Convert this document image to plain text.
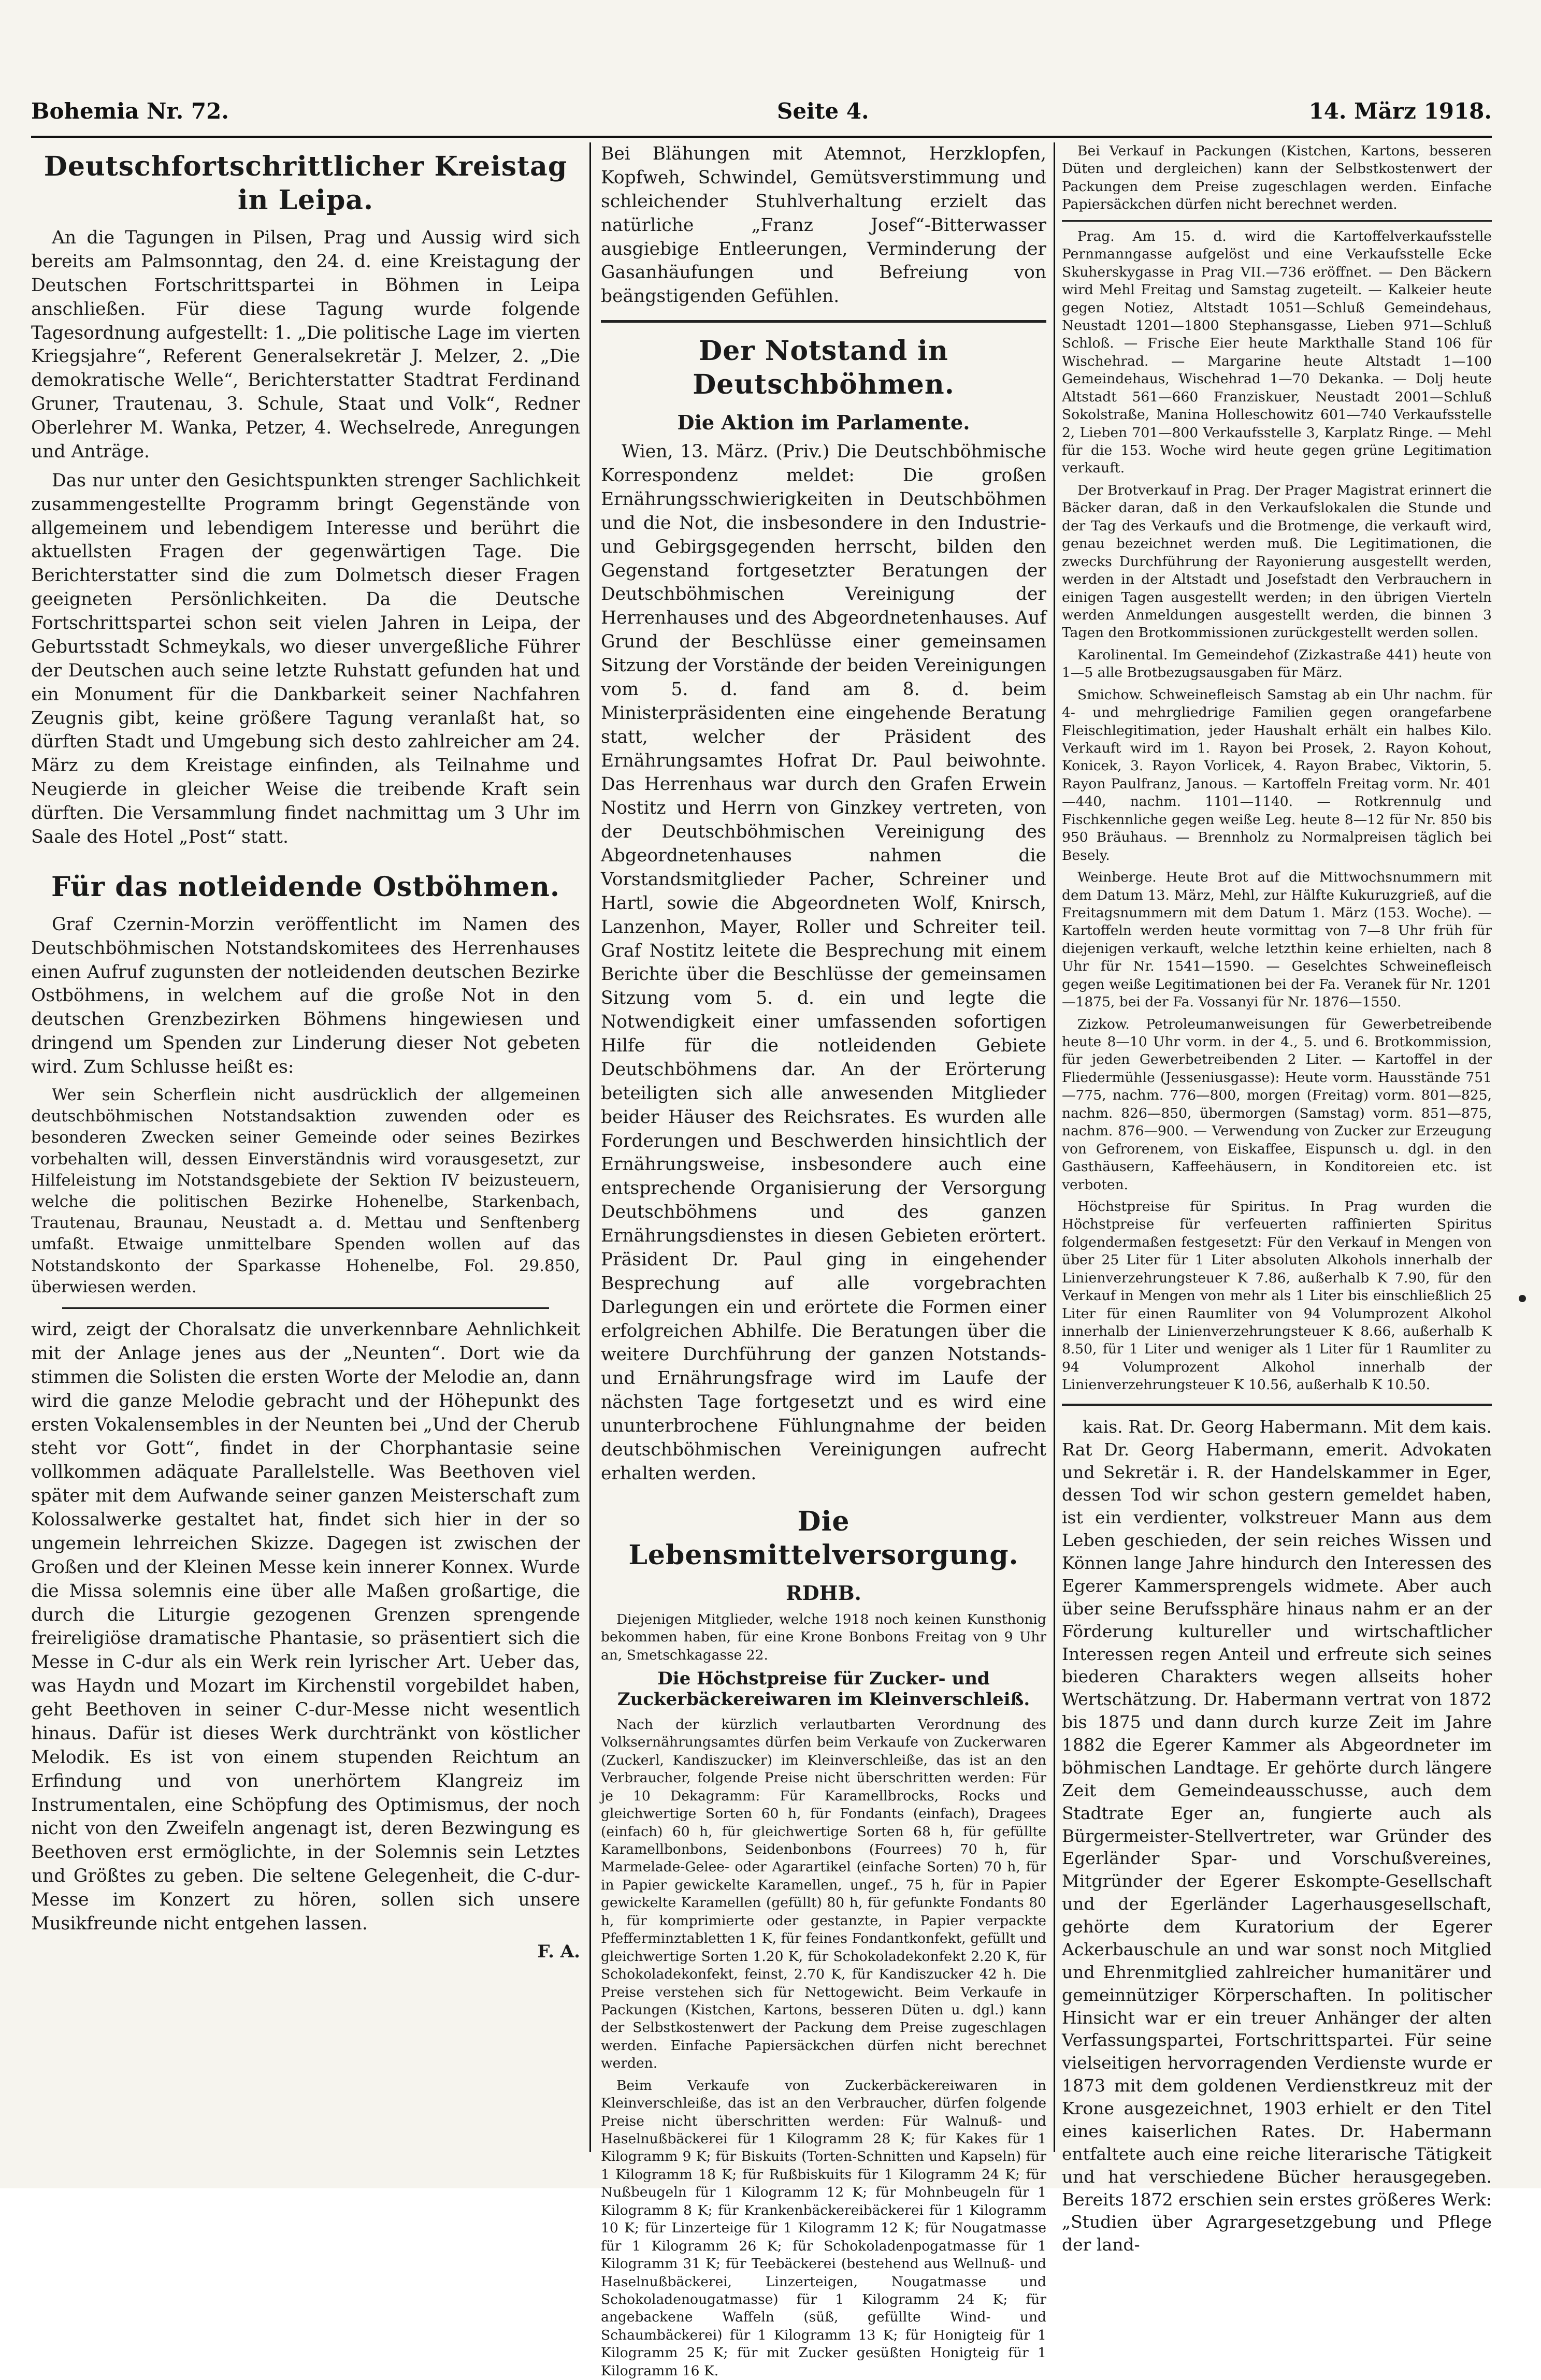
Bohemia Nr. 72.	Seite 4.	14. März 1918.
Deutschfortschrittlicher Kreistag in Leipa.

An die Tagungen in Pilsen, Prag und Aussig wird sich bereits am Palmsonntag, den 24. d. eine Kreistagung der Deutschen Fortschrittspartei in Böhmen in Leipa anschließen. Für diese Tagung wurde folgende Tagesordnung aufgestellt: 1. „Die politische Lage im vierten Kriegsjahre“, Referent Generalsekretär J. Melzer, 2. „Die demokratische Welle“, Berichterstatter Stadtrat Ferdinand Gruner, Trautenau, 3. Schule, Staat und Volk“, Redner Oberlehrer M. Wanka, Petzer, 4. Wechselrede, Anregungen und Anträge.

Das nur unter den Gesichtspunkten strenger Sachlichkeit zusammengestellte Programm bringt Gegenstände von allgemeinem und lebendigem Interesse und berührt die aktuellsten Fragen der gegenwärtigen Tage. Die Berichterstatter sind die zum Dolmetsch dieser Fragen geeigneten Persönlichkeiten. Da die Deutsche Fortschrittspartei schon seit vielen Jahren in Leipa, der Geburtsstadt Schmeykals, wo dieser unvergeßliche Führer der Deutschen auch seine letzte Ruhstatt gefunden hat und ein Monument für die Dankbarkeit seiner Nachfahren Zeugnis gibt, keine größere Tagung veranlaßt hat, so dürften Stadt und Umgebung sich desto zahlreicher am 24. März zu dem Kreistage einfinden, als Teilnahme und Neugierde in gleicher Weise die treibende Kraft sein dürften. Die Versammlung findet nachmittag um 3 Uhr im Saale des Hotel „Post“ statt.

Für das notleidende Ostböhmen.

Graf Czernin-Morzin veröffentlicht im Namen des Deutschböhmischen Notstandskomitees des Herrenhauses einen Aufruf zugunsten der notleidenden deutschen Bezirke Ostböhmens, in welchem auf die große Not in den deutschen Grenzbezirken Böhmens hingewiesen und dringend um Spenden zur Linderung dieser Not gebeten wird. Zum Schlusse heißt es:

Wer sein Scherflein nicht ausdrücklich der allgemeinen deutschböhmischen Notstandsaktion zuwenden oder es besonderen Zwecken seiner Gemeinde oder seines Bezirkes vorbehalten will, dessen Einverständnis wird vorausgesetzt, zur Hilfeleistung im Notstandsgebiete der Sektion IV beizusteuern, welche die politischen Bezirke Hohenelbe, Starkenbach, Trautenau, Braunau, Neustadt a. d. Mettau und Senftenberg umfaßt. Etwaige unmittelbare Spenden wollen auf das Notstandskonto der Sparkasse Hohenelbe, Fol. 29.850, überwiesen werden.

wird, zeigt der Choralsatz die unverkennbare Aehnlichkeit mit der Anlage jenes aus der „Neunten“. Dort wie da stimmen die Solisten die ersten Worte der Melodie an, dann wird die ganze Melodie gebracht und der Höhepunkt des ersten Vokalensembles in der Neunten bei „Und der Cherub steht vor Gott“, findet in der Chorphantasie seine vollkommen adäquate Parallelstelle. Was Beethoven viel später mit dem Aufwande seiner ganzen Meisterschaft zum Kolossalwerke gestaltet hat, findet sich hier in der so ungemein lehrreichen Skizze. Dagegen ist zwischen der Großen und der Kleinen Messe kein innerer Konnex. Wurde die Missa solemnis eine über alle Maßen großartige, die durch die Liturgie gezogenen Grenzen sprengende freireligiöse dramatische Phantasie, so präsentiert sich die Messe in C-dur als ein Werk rein lyrischer Art. Ueber das, was Haydn und Mozart im Kirchenstil vorgebildet haben, geht Beethoven in seiner C-dur-Messe nicht wesentlich hinaus. Dafür ist dieses Werk durchtränkt von köstlicher Melodik. Es ist von einem stupenden Reichtum an Erfindung und von unerhörtem Klangreiz im Instrumentalen, eine Schöpfung des Optimismus, der noch nicht von den Zweifeln angenagt ist, deren Bezwingung es Beethoven erst ermöglichte, in der Solemnis sein Letztes und Größtes zu geben. Die seltene Gelegenheit, die C-dur-Messe im Konzert zu hören, sollen sich unsere Musikfreunde nicht entgehen lassen.

F. A.

Bei Blähungen mit Atemnot, Herzklopfen, Kopfweh, Schwindel, Gemütsverstimmung und schleichender Stuhlverhaltung erzielt das natürliche „Franz Josef“-Bitterwasser ausgiebige Entleerungen, Verminderung der Gasanhäufungen und Befreiung von beängstigenden Gefühlen.

Der Notstand in Deutschböhmen.
Die Aktion im Parlamente.

Wien, 13. März. (Priv.) Die Deutschböhmische Korrespondenz meldet: Die großen Ernährungsschwierigkeiten in Deutschböhmen und die Not, die insbesondere in den Industrie- und Gebirgsgegenden herrscht, bilden den Gegenstand fortgesetzter Beratungen der Deutschböhmischen Vereinigung der Herrenhauses und des Abgeordnetenhauses. Auf Grund der Beschlüsse einer gemeinsamen Sitzung der Vorstände der beiden Vereinigungen vom 5. d. fand am 8. d. beim Ministerpräsidenten eine eingehende Beratung statt, welcher der Präsident des Ernährungsamtes Hofrat Dr. Paul beiwohnte. Das Herrenhaus war durch den Grafen Erwein Nostitz und Herrn von Ginzkey vertreten, von der Deutschböhmischen Vereinigung des Abgeordnetenhauses nahmen die Vorstandsmitglieder Pacher, Schreiner und Hartl, sowie die Abgeordneten Wolf, Knirsch, Lanzenhon, Mayer, Roller und Schreiter teil. Graf Nostitz leitete die Besprechung mit einem Berichte über die Beschlüsse der gemeinsamen Sitzung vom 5. d. ein und legte die Notwendigkeit einer umfassenden sofortigen Hilfe für die notleidenden Gebiete Deutschböhmens dar. An der Erörterung beteiligten sich alle anwesenden Mitglieder beider Häuser des Reichsrates. Es wurden alle Forderungen und Beschwerden hinsichtlich der Ernährungsweise, insbesondere auch eine entsprechende Organisierung der Versorgung Deutschböhmens und des ganzen Ernährungsdienstes in diesen Gebieten erörtert. Präsident Dr. Paul ging in eingehender Besprechung auf alle vorgebrachten Darlegungen ein und erörtete die Formen einer erfolgreichen Abhilfe. Die Beratungen über die weitere Durchführung der ganzen Notstands- und Ernährungsfrage wird im Laufe der nächsten Tage fortgesetzt und es wird eine ununterbrochene Fühlungnahme der beiden deutschböhmischen Vereinigungen aufrecht erhalten werden.

Die Lebensmittelversorgung.
RDHB.

Diejenigen Mitglieder, welche 1918 noch keinen Kunsthonig bekommen haben, für eine Krone Bonbons Freitag von 9 Uhr an, Smetschkagasse 22.

Die Höchstpreise für Zucker- und Zuckerbäckereiwaren im Kleinverschleiß.

Nach der kürzlich verlautbarten Verordnung des Volksernährungsamtes dürfen beim Verkaufe von Zuckerwaren (Zuckerl, Kandiszucker) im Kleinverschleiße, das ist an den Verbraucher, folgende Preise nicht überschritten werden: Für je 10 Dekagramm: Für Karamellbrocks, Rocks und gleichwertige Sorten 60 h, für Fondants (einfach), Dragees (einfach) 60 h, für gleichwertige Sorten 68 h, für gefüllte Karamellbonbons, Seidenbonbons (Fourrees) 70 h, für Marmelade-Gelee- oder Agarartikel (einfache Sorten) 70 h, für in Papier gewickelte Karamellen, ungef., 75 h, für in Papier gewickelte Karamellen (gefüllt) 80 h, für gefunkte Fondants 80 h, für komprimierte oder gestanzte, in Papier verpackte Pfefferminztabletten 1 K, für feines Fondantkonfekt, gefüllt und gleichwertige Sorten 1.20 K, für Schokoladekonfekt 2.20 K, für Schokoladekonfekt, feinst, 2.70 K, für Kandiszucker 42 h. Die Preise verstehen sich für Nettogewicht. Beim Verkaufe in Packungen (Kistchen, Kartons, besseren Düten u. dgl.) kann der Selbstkostenwert der Packung dem Preise zugeschlagen werden. Einfache Papiersäckchen dürfen nicht berechnet werden.

Beim Verkaufe von Zuckerbäckereiwaren in Kleinverschleiße, das ist an den Verbraucher, dürfen folgende Preise nicht überschritten werden: Für Walnuß- und Haselnußbäckerei für 1 Kilogramm 28 K; für Kakes für 1 Kilogramm 9 K; für Biskuits (Torten-Schnitten und Kapseln) für 1 Kilogramm 18 K; für Rußbiskuits für 1 Kilogramm 24 K; für Nußbeugeln für 1 Kilogramm 12 K; für Mohnbeugeln für 1 Kilogramm 8 K; für Krankenbäckereibäckerei für 1 Kilogramm 10 K; für Linzerteige für 1 Kilogramm 12 K; für Nougatmasse für 1 Kilogramm 26 K; für Schokoladenpogatmasse für 1 Kilogramm 31 K; für Teebäckerei (bestehend aus Wellnuß- und Haselnußbäckerei, Linzerteigen, Nougatmasse und Schokoladenougatmasse) für 1 Kilogramm 24 K; für angebackene Waffeln (süß, gefüllte Wind- und Schaumbäckerei) für 1 Kilogramm 13 K; für Honigteig für 1 Kilogramm 25 K; für mit Zucker gesüßten Honigteig für 1 Kilogramm 16 K.

Bei Verkauf in Packungen (Kistchen, Kartons, besseren Düten und dergleichen) kann der Selbstkostenwert der Packungen dem Preise zugeschlagen werden. Einfache Papiersäckchen dürfen nicht berechnet werden.

Prag. Am 15. d. wird die Kartoffelverkaufsstelle Pernmanngasse aufgelöst und eine Verkaufsstelle Ecke Skuherskygasse in Prag VII.—736 eröffnet. — Den Bäckern wird Mehl Freitag und Samstag zugeteilt. — Kalkeier heute gegen Notiez, Altstadt 1051—Schluß Gemeindehaus, Neustadt 1201—1800 Stephansgasse, Lieben 971—Schluß Schloß. — Frische Eier heute Markthalle Stand 106 für Wischehrad. — Margarine heute Altstadt 1—100 Gemeindehaus, Wischehrad 1—70 Dekanka. — Dolj heute Altstadt 561—660 Franziskuer, Neustadt 2001—Schluß Sokolstraße, Manina Holleschowitz 601—740 Verkaufsstelle 2, Lieben 701—800 Verkaufsstelle 3, Karplatz Ringe. — Mehl für die 153. Woche wird heute gegen grüne Legitimation verkauft.

Der Brotverkauf in Prag. Der Prager Magistrat erinnert die Bäcker daran, daß in den Verkaufslokalen die Stunde und der Tag des Verkaufs und die Brotmenge, die verkauft wird, genau bezeichnet werden muß. Die Legitimationen, die zwecks Durchführung der Rayonierung ausgestellt werden, werden in der Altstadt und Josefstadt den Verbrauchern in einigen Tagen ausgestellt werden; in den übrigen Vierteln werden Anmeldungen ausgestellt werden, die binnen 3 Tagen den Brotkommissionen zurückgestellt werden sollen.

Karolinental. Im Gemeindehof (Zizkastraße 441) heute von 1—5 alle Brotbezugsausgaben für März.

Smichow. Schweinefleisch Samstag ab ein Uhr nachm. für 4- und mehrgliedrige Familien gegen orangefarbene Fleischlegitimation, jeder Haushalt erhält ein halbes Kilo. Verkauft wird im 1. Rayon bei Prosek, 2. Rayon Kohout, Konicek, 3. Rayon Vorlicek, 4. Rayon Brabec, Viktorin, 5. Rayon Paulfranz, Janous. — Kartoffeln Freitag vorm. Nr. 401—440, nachm. 1101—1140. — Rotkrennulg und Fischkennliche gegen weiße Leg. heute 8—12 für Nr. 850 bis 950 Bräuhaus. — Brennholz zu Normalpreisen täglich bei Besely.

Weinberge. Heute Brot auf die Mittwochsnummern mit dem Datum 13. März, Mehl, zur Hälfte Kukuruzgrieß, auf die Freitagsnummern mit dem Datum 1. März (153. Woche). — Kartoffeln werden heute vormittag von 7—8 Uhr früh für diejenigen verkauft, welche letzthin keine erhielten, nach 8 Uhr für Nr. 1541—1590. — Geselchtes Schweinefleisch gegen weiße Legitimationen bei der Fa. Veranek für Nr. 1201—1875, bei der Fa. Vossanyi für Nr. 1876—1550.

Zizkow. Petroleumanweisungen für Gewerbetreibende heute 8—10 Uhr vorm. in der 4., 5. und 6. Brotkommission, für jeden Gewerbetreibenden 2 Liter. — Kartoffel in der Fliedermühle (Jesseniusgasse): Heute vorm. Hausstände 751—775, nachm. 776—800, morgen (Freitag) vorm. 801—825, nachm. 826—850, übermorgen (Samstag) vorm. 851—875, nachm. 876—900. — Verwendung von Zucker zur Erzeugung von Gefrorenem, von Eiskaffee, Eispunsch u. dgl. in den Gasthäusern, Kaffeehäusern, in Konditoreien etc. ist verboten.

Höchstpreise für Spiritus. In Prag wurden die Höchstpreise für verfeuerten raffinierten Spiritus folgendermaßen festgesetzt: Für den Verkauf in Mengen von über 25 Liter für 1 Liter absoluten Alkohols innerhalb der Linienverzehrungsteuer K 7.86, außerhalb K 7.90, für den Verkauf in Mengen von mehr als 1 Liter bis einschließlich 25 Liter für einen Raumliter von 94 Volumprozent Alkohol innerhalb der Linienverzehrungsteuer K 8.66, außerhalb K 8.50, für 1 Liter und weniger als 1 Liter für 1 Raumliter zu 94 Volumprozent Alkohol innerhalb der Linienverzehrungsteuer K 10.56, außerhalb K 10.50.

kais. Rat. Dr. Georg Habermann. Mit dem kais. Rat Dr. Georg Habermann, emerit. Advokaten und Sekretär i. R. der Handelskammer in Eger, dessen Tod wir schon gestern gemeldet haben, ist ein verdienter, volkstreuer Mann aus dem Leben geschieden, der sein reiches Wissen und Können lange Jahre hindurch den Interessen des Egerer Kammersprengels widmete. Aber auch über seine Berufssphäre hinaus nahm er an der Förderung kultureller und wirtschaftlicher Interessen regen Anteil und erfreute sich seines biederen Charakters wegen allseits hoher Wertschätzung. Dr. Habermann vertrat von 1872 bis 1875 und dann durch kurze Zeit im Jahre 1882 die Egerer Kammer als Abgeordneter im böhmischen Landtage. Er gehörte durch längere Zeit dem Gemeindeausschusse, auch dem Stadtrate Eger an, fungierte auch als Bürgermeister-Stellvertreter, war Gründer des Egerländer Spar- und Vorschußvereines, Mitgründer der Egerer Eskompte-Gesellschaft und der Egerländer Lagerhausgesellschaft, gehörte dem Kuratorium der Egerer Ackerbauschule an und war sonst noch Mitglied und Ehrenmitglied zahlreicher humanitärer und gemeinnütziger Körperschaften. In politischer Hinsicht war er ein treuer Anhänger der alten Verfassungspartei, Fortschrittspartei. Für seine vielseitigen hervorragenden Verdienste wurde er 1873 mit dem goldenen Verdienstkreuz mit der Krone ausgezeichnet, 1903 erhielt er den Titel eines kaiserlichen Rates. Dr. Habermann entfaltete auch eine reiche literarische Tätigkeit und hat verschiedene Bücher herausgegeben. Bereits 1872 erschien sein erstes größeres Werk: „Studien über Agrargesetzgebung und Pflege der land-
